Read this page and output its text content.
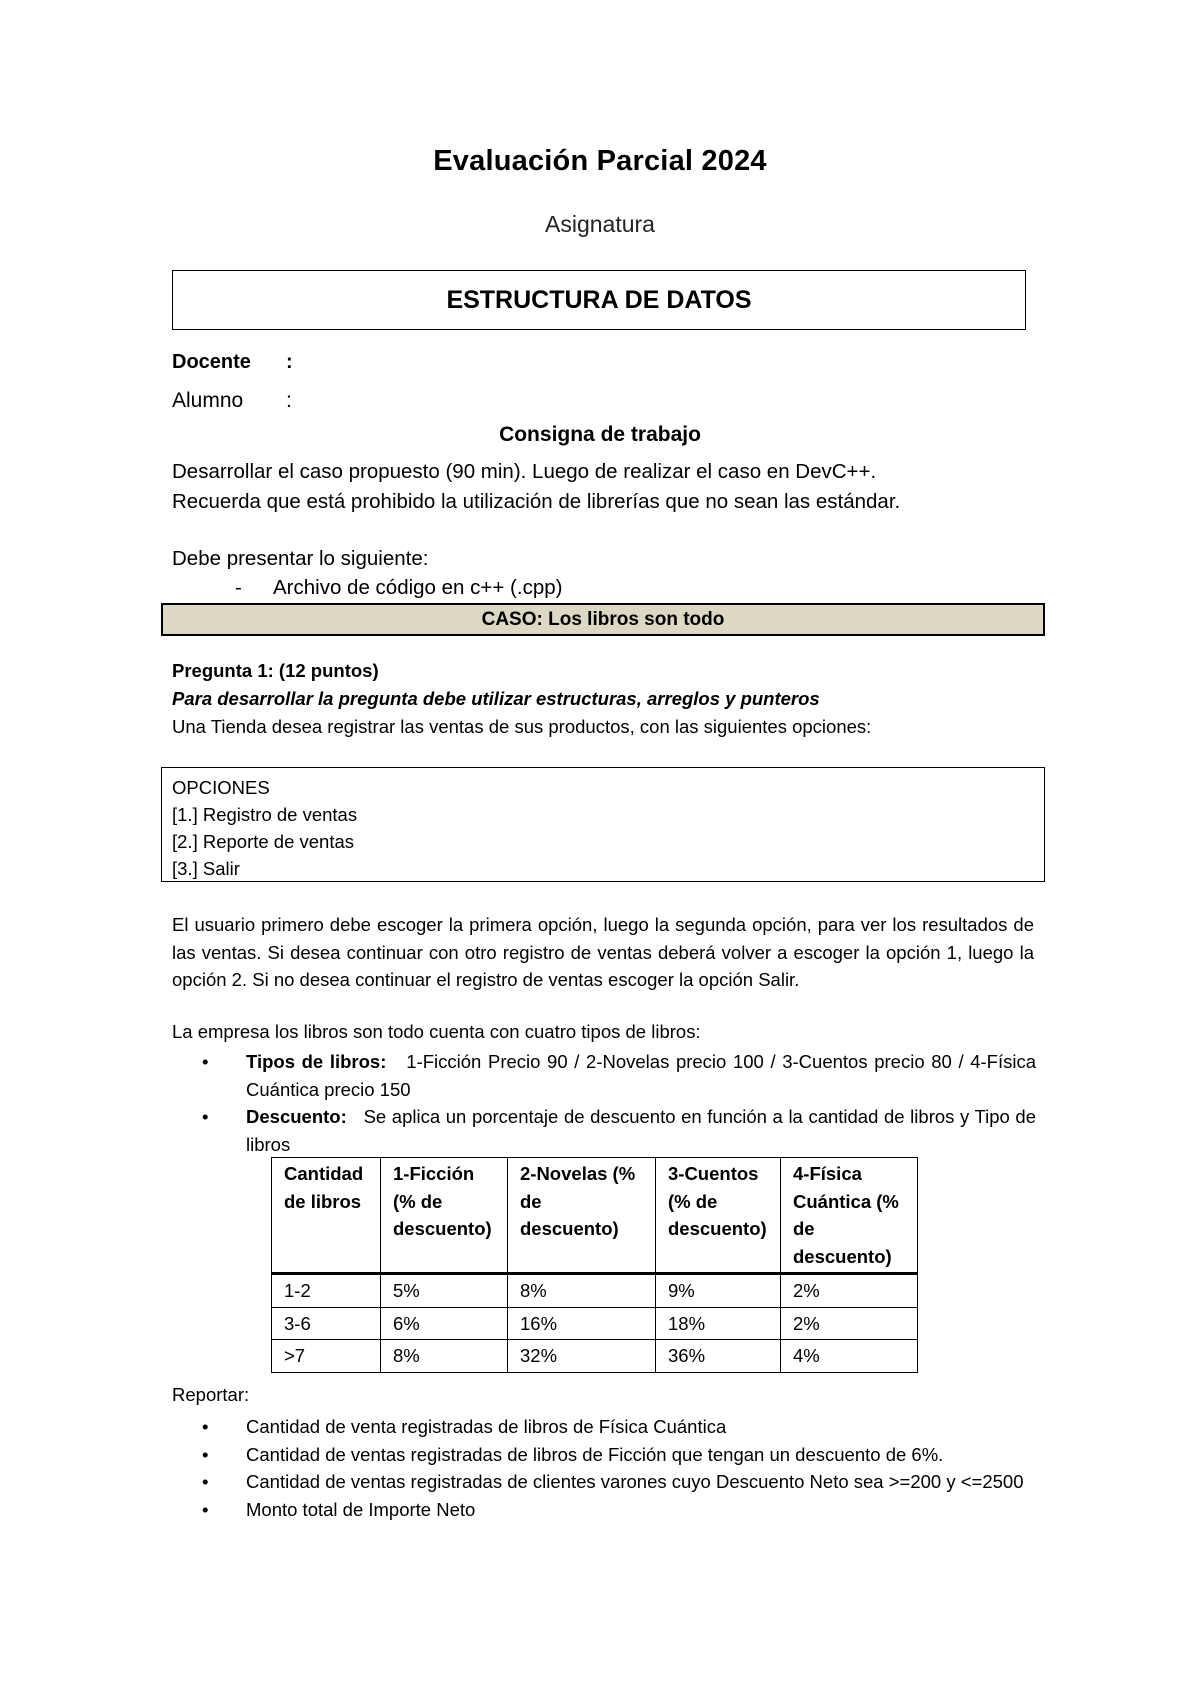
Evaluación Parcial 2024
Asignatura
ESTRUCTURA DE DATOS
Docente :
Alumno :
Consigna de trabajo
Desarrollar el caso propuesto (90 min). Luego de realizar el caso en DevC++.
Recuerda que está prohibido la utilización de librerías que no sean las estándar.
Debe presentar lo siguiente:
- Archivo de código en c++ (.cpp)
CASO:
Los libros son todo
Pregunta 1: (12 puntos)
Para desarrollar la pregunta debe utilizar estructuras, arreglos y punteros
Una Tienda desea registrar las ventas de sus productos, con las siguientes opciones:
OPCIONES
[1.] Registro de ventas
[2.] Reporte de ventas
[3.] Salir
El usuario primero debe escoger la primera opción, luego la segunda opción, para ver los resultados de las ventas. Si desea continuar con otro registro de ventas deberá volver a escoger la opción 1, luego la opción 2. Si no desea continuar el registro de ventas escoger la opción Salir.
La empresa los libros son todo cuenta con cuatro tipos de libros:
• Tipos de libros: 1-Ficción Precio 90 / 2-Novelas precio 100 / 3-Cuentos precio 80 / 4-Física Cuántica precio 150
• Descuento: Se aplica un porcentaje de descuento en función a la cantidad de libros y Tipo de libros
Cantidad de libros	1-Ficción (% de descuento)	2-Novelas (% de descuento)	3-Cuentos (% de descuento)	4-Física Cuántica (% de descuento)
1-2	5%	8%	9%	2%
3-6	6%	16%	18%	2%
>7	8%	32%	36%	4%
Reportar:
• Cantidad de venta registradas de libros de Física Cuántica
• Cantidad de ventas registradas de libros de Ficción que tengan un descuento de 6%.
• Cantidad de ventas registradas de clientes varones cuyo Descuento Neto sea >=200 y <=2500
• Monto total de Importe Neto
